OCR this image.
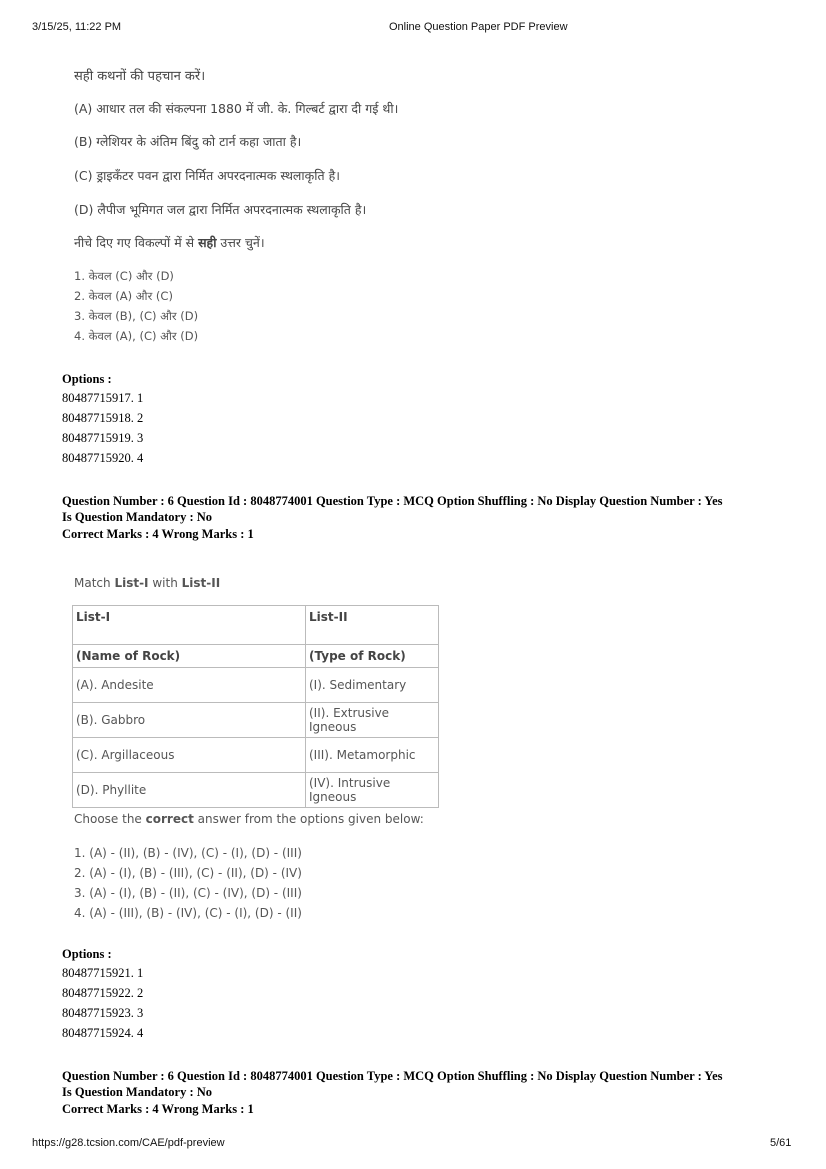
3/15/25, 11:22 PM	Online Question Paper PDF Preview
सही कथनों की पहचान करें।
(A) आधार तल की संकल्पना 1880 में जी. के. गिल्बर्ट द्वारा दी गई थी।
(B) ग्लेशियर के अंतिम बिंदु को टार्न कहा जाता है।
(C) ड्राइकँटर पवन द्वारा निर्मित अपरदनात्मक स्थलाकृति है।
(D) लैपीज भूमिगत जल द्वारा निर्मित अपरदनात्मक स्थलाकृति है।
नीचे दिए गए विकल्पों में से सही उत्तर चुनें।
1. केवल (C) और (D)
2. केवल (A) और (C)
3. केवल (B), (C) और (D)
4. केवल (A), (C) और (D)
Options :
80487715917. 1
80487715918. 2
80487715919. 3
80487715920. 4
Question Number : 6 Question Id : 8048774001 Question Type : MCQ Option Shuffling : No Display Question Number : Yes
Is Question Mandatory : No
Correct Marks : 4 Wrong Marks : 1
Match List-I with List-II
List-I	List-II
(Name of Rock)	(Type of Rock)
(A). Andesite	(I). Sedimentary
(B). Gabbro	(II). Extrusive Igneous
(C). Argillaceous	(III). Metamorphic
(D). Phyllite	(IV). Intrusive Igneous
Choose the correct answer from the options given below:
1. (A) - (II), (B) - (IV), (C) - (I), (D) - (III)
2. (A) - (I), (B) - (III), (C) - (II), (D) - (IV)
3. (A) - (I), (B) - (II), (C) - (IV), (D) - (III)
4. (A) - (III), (B) - (IV), (C) - (I), (D) - (II)
Options :
80487715921. 1
80487715922. 2
80487715923. 3
80487715924. 4
Question Number : 6 Question Id : 8048774001 Question Type : MCQ Option Shuffling : No Display Question Number : Yes
Is Question Mandatory : No
Correct Marks : 4 Wrong Marks : 1
https://g28.tcsion.com/CAE/pdf-preview	5/61
